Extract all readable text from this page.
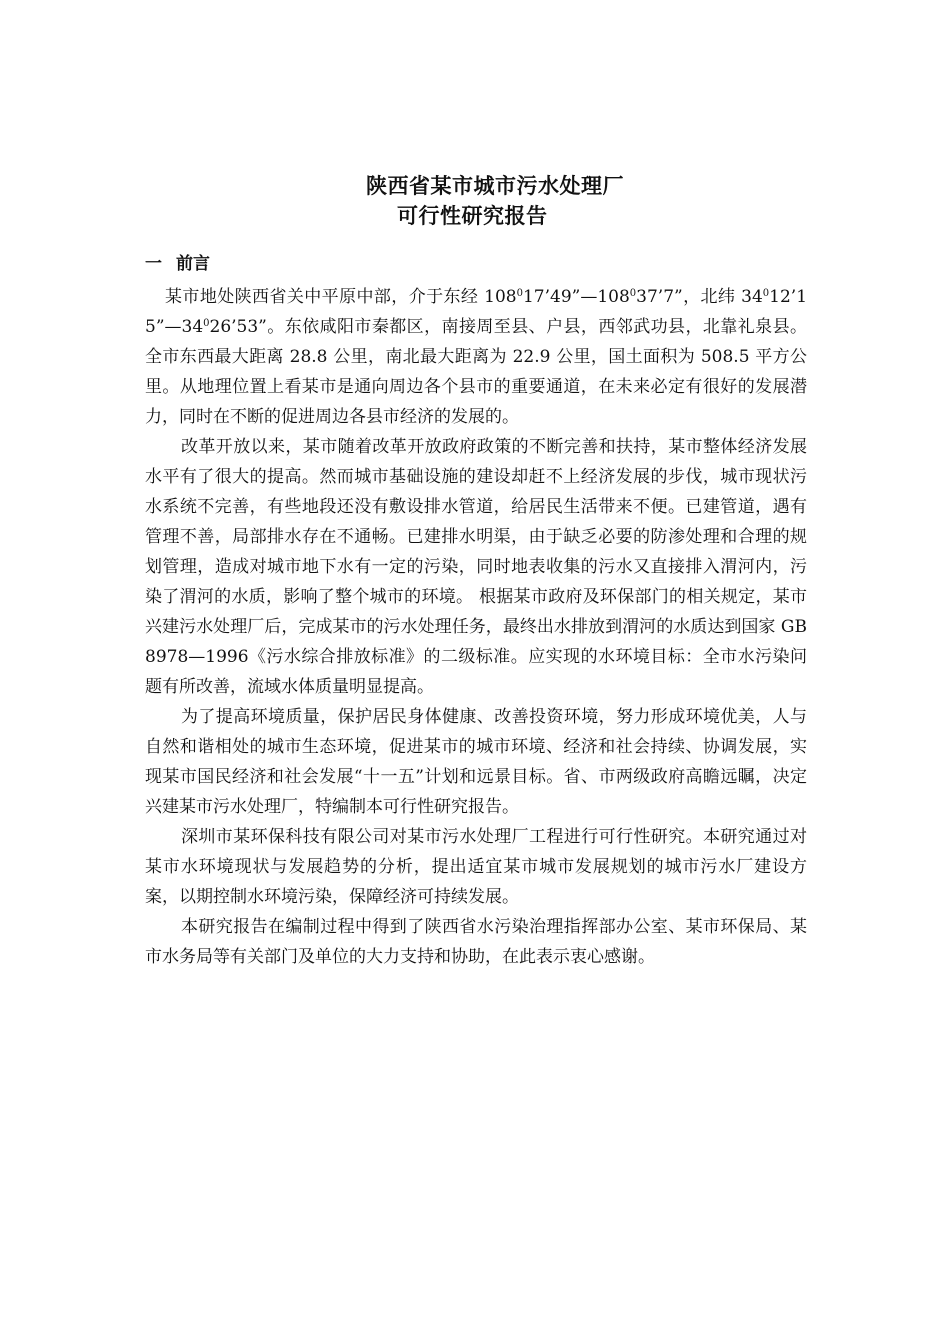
陕西省某市城市污水处理厂
可行性研究报告
一 前言

某市地处陕西省关中平原中部，介于东经 $108^017’49”—108^037’7$”，北纬 $34^012’15”—34^026’53$”。东依咸阳市秦都区，南接周至县、户县，西邻武功县，北靠礼泉县。全市东西最大距离 28.8 公里，南北最大距离为 22.9 公里，国土面积为 508.5 平方公里。从地理位置上看某市是通向周边各个县市的重要通道，在未来必定有很好的发展潜力，同时在不断的促进周边各县市经济的发展的。

改革开放以来，某市随着改革开放政府政策的不断完善和扶持，某市整体经济发展水平有了很大的提高。然而城市基础设施的建设却赶不上经济发展的步伐，城市现状污水系统不完善，有些地段还没有敷设排水管道，给居民生活带来不便。已建管道，遇有管理不善，局部排水存在不通畅。已建排水明渠，由于缺乏必要的防渗处理和合理的规划管理，造成对城市地下水有一定的污染，同时地表收集的污水又直接排入渭河内，污染了渭河的水质，影响了整个城市的环境。 根据某市政府及环保部门的相关规定，某市兴建污水处理厂后，完成某市的污水处理任务，最终出水排放到渭河的水质达到国家 GB8978—1996《污水综合排放标准》的二级标准。应实现的水环境目标：全市水污染问题有所改善，流域水体质量明显提高。

为了提高环境质量，保护居民身体健康、改善投资环境，努力形成环境优美，人与自然和谐相处的城市生态环境，促进某市的城市环境、经济和社会持续、协调发展，实现某市国民经济和社会发展“十一五”计划和远景目标。省、市两级政府高瞻远瞩，决定兴建某市污水处理厂，特编制本可行性研究报告。

深圳市某环保科技有限公司对某市污水处理厂工程进行可行性研究。本研究通过对某市水环境现状与发展趋势的分析，提出适宜某市城市发展规划的城市污水厂建设方案，以期控制水环境污染，保障经济可持续发展。

本研究报告在编制过程中得到了陕西省水污染治理指挥部办公室、某市环保局、某市水务局等有关部门及单位的大力支持和协助，在此表示衷心感谢。
